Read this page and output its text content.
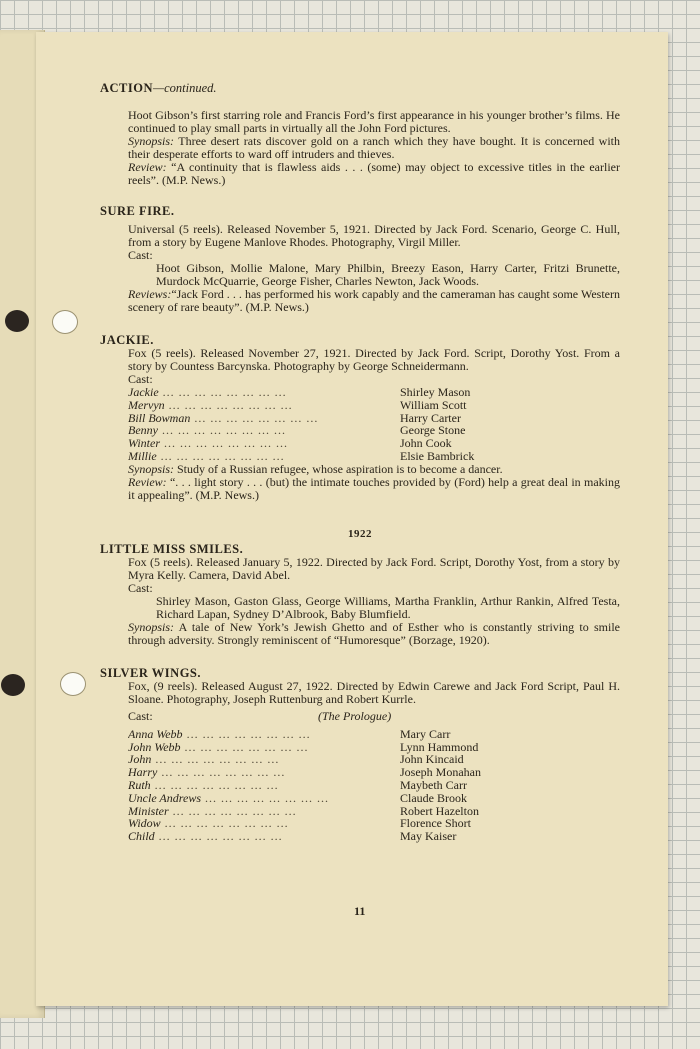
ACTION—continued.

Hoot Gibson’s first starring role and Francis Ford’s first appearance in his younger brother’s films. He continued to play small parts in virtually all the John Ford pictures.

Synopsis: Three desert rats discover gold on a ranch which they have bought. It is concerned with their desperate efforts to ward off intruders and thieves.

Review: “A continuity that is flawless aids . . . (some) may object to excessive titles in the earlier reels”. (M.P. News.)

SURE FIRE.

Universal (5 reels). Released November 5, 1921. Directed by Jack Ford. Scenario, George C. Hull, from a story by Eugene Manlove Rhodes. Photography, Virgil Miller.

Cast:

Hoot Gibson, Mollie Malone, Mary Philbin, Breezy Eason, Harry Carter, Fritzi Brunette, Murdock McQuarrie, George Fisher, Charles Newton, Jack Woods.

Reviews:“Jack Ford . . . has performed his work capably and the cameraman has caught some Western scenery of rare beauty”. (M.P. News.)

JACKIE.

Fox (5 reels). Released November 27, 1921. Directed by Jack Ford. Script, Dorothy Yost. From a story by Countess Barcynska. Photography by George Schneidermann.

Cast:

Jackie ... ... ... ... ... ... ... ...	Shirley Mason
Mervyn ... ... ... ... ... ... ... ...	William Scott
Bill Bowman ... ... ... ... ... ... ... ...	Harry Carter
Benny ... ... ... ... ... ... ... ...	George Stone
Winter ... ... ... ... ... ... ... ...	John Cook
Millie ... ... ... ... ... ... ... ...	Elsie Bambrick

Synopsis: Study of a Russian refugee, whose aspiration is to become a dancer.

Review: “. . . light story . . . (but) the intimate touches provided by (Ford) help a great deal in making it appealing”. (M.P. News.)

1922

LITTLE MISS SMILES.

Fox (5 reels). Released January 5, 1922. Directed by Jack Ford. Script, Dorothy Yost, from a story by Myra Kelly. Camera, David Abel.

Cast:

Shirley Mason, Gaston Glass, George Williams, Martha Franklin, Arthur Rankin, Alfred Testa, Richard Lapan, Sydney D’Albrook, Baby Blumfield.

Synopsis: A tale of New York’s Jewish Ghetto and of Esther who is constantly striving to smile through adversity. Strongly reminiscent of “Humoresque” (Borzage, 1920).

SILVER WINGS.

Fox, (9 reels). Released August 27, 1922. Directed by Edwin Carewe and Jack Ford Script, Paul H. Sloane. Photography, Joseph Ruttenburg and Robert Kurrle.

Cast:	(The Prologue)
Anna Webb ... ... ... ... ... ... ... ...	Mary Carr
John Webb ... ... ... ... ... ... ... ...	Lynn Hammond
John ... ... ... ... ... ... ... ...	John Kincaid
Harry ... ... ... ... ... ... ... ...	Joseph Monahan
Ruth ... ... ... ... ... ... ... ...	Maybeth Carr
Uncle Andrews ... ... ... ... ... ... ... ...	Claude Brook
Minister ... ... ... ... ... ... ... ...	Robert Hazelton
Widow ... ... ... ... ... ... ... ...	Florence Short
Child ... ... ... ... ... ... ... ...	May Kaiser
11
